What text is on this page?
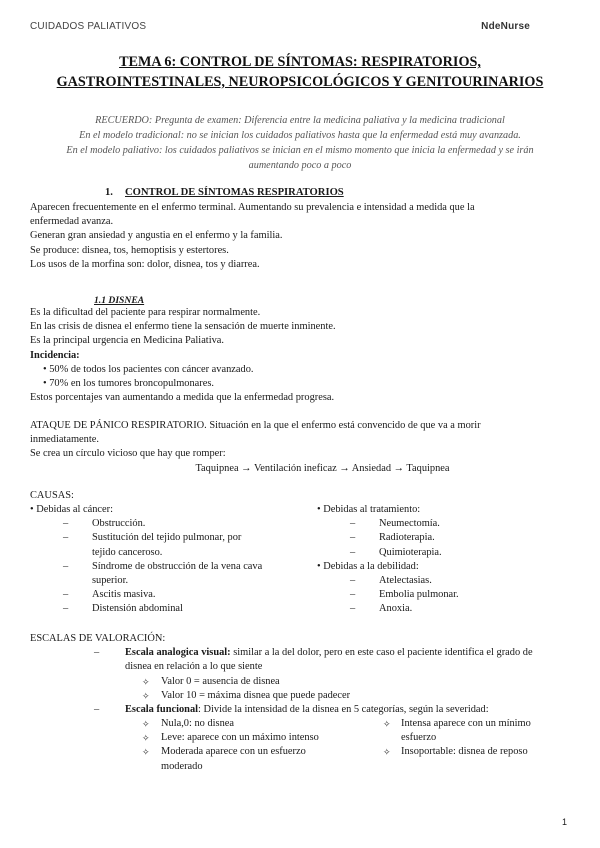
CUIDADOS PALIATIVOS	NdeNurse
TEMA 6: CONTROL DE SÍNTOMAS: RESPIRATORIOS,
GASTROINTESTINALES, NEUROPSICOLÓGICOS Y GENITOURINARIOS
RECUERDO: Pregunta de examen: Diferencia entre la medicina paliativa y la medicina tradicional
En el modelo tradicional: no se inician los cuidados paliativos hasta que la enfermedad está muy avanzada.
En el modelo paliativo: los cuidados paliativos se inician en el mismo momento que inicia la enfermedad y se irán
aumentando poco a poco
1. CONTROL DE SÍNTOMAS RESPIRATORIOS

Aparecen frecuentemente en el enfermo terminal. Aumentando su prevalencia e intensidad a medida que la

enfermedad avanza.

Generan gran ansiedad y angustia en el enfermo y la familia.

Se produce: disnea, tos, hemoptisis y estertores.

Los usos de la morfina son: dolor, disnea, tos y diarrea.

1.1 DISNEA

Es la dificultad del paciente para respirar normalmente.

En las crisis de disnea el enfermo tiene la sensación de muerte inminente.

Es la principal urgencia en Medicina Paliativa.

Incidencia:

• 50% de todos los pacientes con cáncer avanzado.

• 70% en los tumores broncopulmonares.

Estos porcentajes van aumentando a medida que la enfermedad progresa.

ATAQUE DE PÁNICO RESPIRATORIO. Situación en la que el enfermo está convencido de que va a morir

inmediatamente.

Se crea un círculo vicioso que hay que romper:

Taquipnea → Ventilación ineficaz → Ansiedad → Taquipnea

CAUSAS:

• Debidas al cáncer:

– Obstrucción.

– Sustitución del tejido pulmonar, por

tejido canceroso.

– Síndrome de obstrucción de la vena cava

superior.

– Ascitis masiva.

– Distensión abdominal

• Debidas al tratamiento:

– Neumectomía.

– Radioterapia.

– Quimioterapia.

• Debidas a la debilidad:

– Atelectasias.

– Embolia pulmonar.

– Anoxia.

ESCALAS DE VALORACIÓN:

– Escala analogica visual: similar a la del dolor, pero en este caso el paciente identifica el grado de

disnea en relación a lo que siente

✧ Valor 0 = ausencia de disnea

✧ Valor 10 = máxima disnea que puede padecer

– Escala funcional: Divide la intensidad de la disnea en 5 categorías, según la severidad:

✧ Nula,0: no disnea	✧ Intensa aparece con un mínimo

✧ Leve: aparece con un máximo intenso	esfuerzo

✧ Moderada aparece con un esfuerzo	✧ Insoportable: disnea de reposo

moderado

1
